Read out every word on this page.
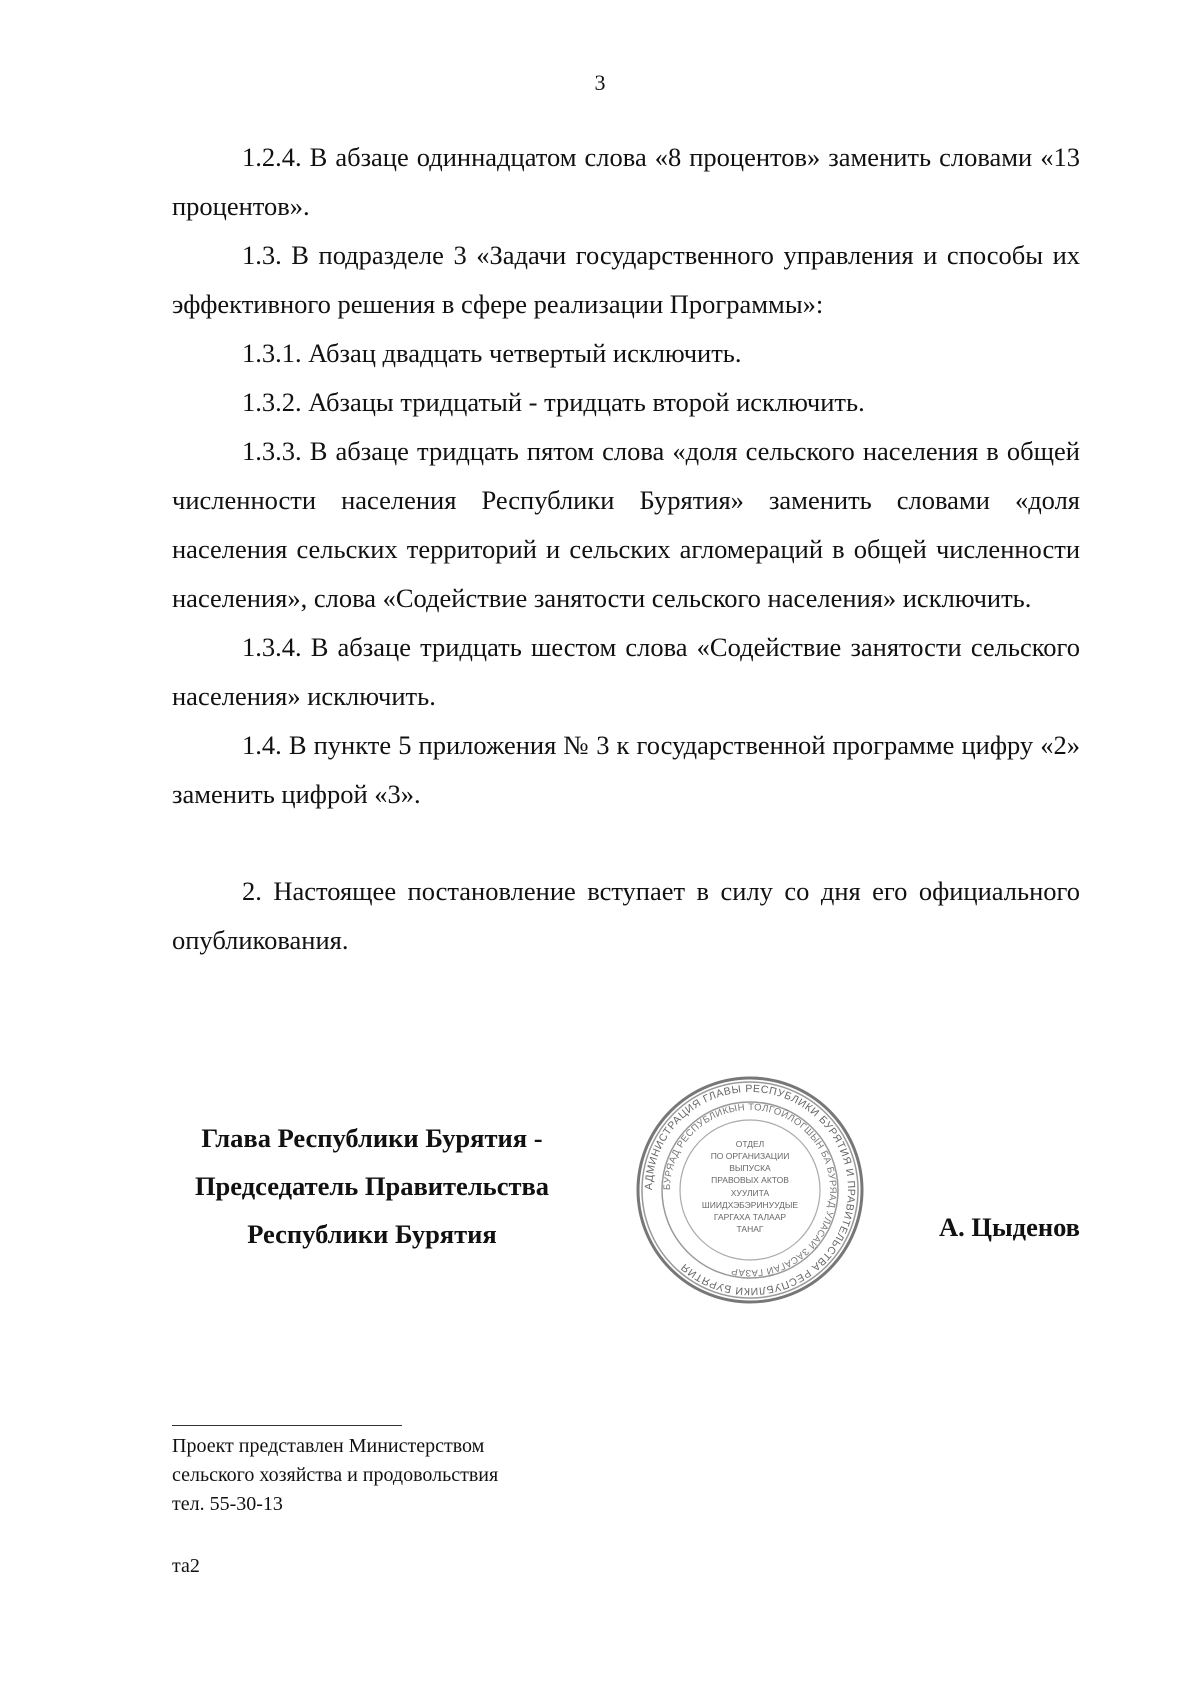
3

1.2.4. В абзаце одиннадцатом слова «8 процентов» заменить словами «13 процентов».

1.3. В подразделе 3 «Задачи государственного управления и способы их эффективного решения в сфере реализации Программы»:

1.3.1. Абзац двадцать четвертый исключить.

1.3.2. Абзацы тридцатый - тридцать второй исключить.

1.3.3. В абзаце тридцать пятом слова «доля сельского населения в общей численности населения Республики Бурятия» заменить словами «доля населения сельских территорий и сельских агломераций в общей численности населения», слова «Содействие занятости сельского населения» исключить.

1.3.4. В абзаце тридцать шестом слова «Содействие занятости сельского населения» исключить.

1.4. В пункте 5 приложения № 3 к государственной программе цифру «2» заменить цифрой «3».

2. Настоящее постановление вступает в силу со дня его официального опубликования.

Глава Республики Бурятия -
Председатель Правительства
Республики Бурятия
АДМИНИСТРАЦИЯ ГЛАВЫ РЕСПУБЛИКИ БУРЯТИЯ И ПРАВИТЕЛЬСТВА РЕСПУБЛИКИ БУРЯТИЯ
БУРЯАД РЕСПУБЛИКЫН ТОЛГОЙЛОГШЫН БА БУРЯАД УЛАСАЙ ЗАСАГАЙ ГАЗАР
ОТДЕЛ
ПО ОРГАНИЗАЦИИ
ВЫПУСКА
ПРАВОВЫХ АКТОВ
ХУУЛИТА
ШИИДХЭБЭРИНУУДЫЕ
ГАРГАХА ТАЛААР
ТАНАГ	А. Цыденов
Проект представлен Министерством
сельского хозяйства и продовольствия
тел. 55-30-13
та2
